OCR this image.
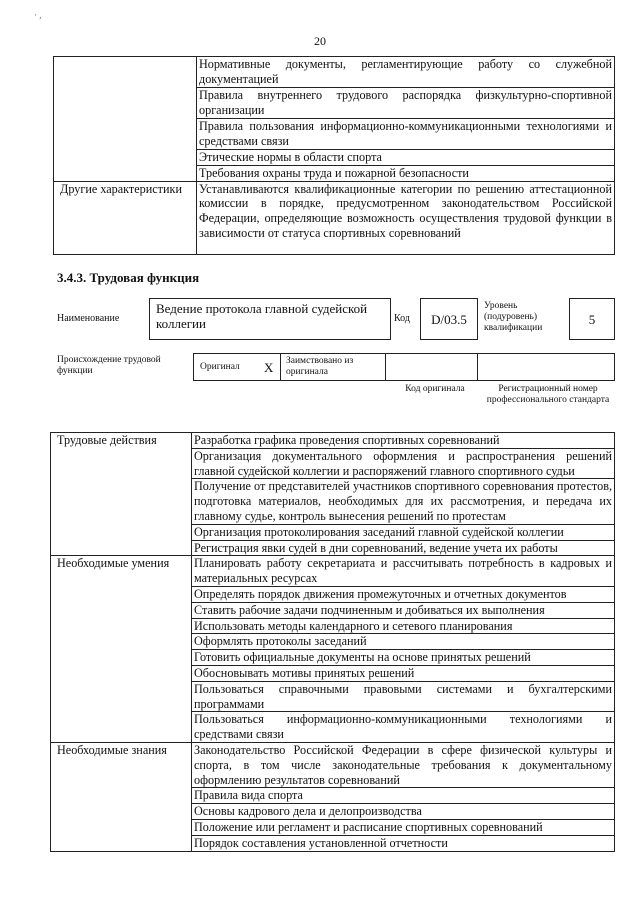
20
· ,
	Нормативные документы, регламентирующие работу со служебной документацией
	Правила внутреннего трудового распорядка физкультурно-спортивной организации
	Правила пользования информационно-коммуникационными технологиями и средствами связи
	Этические нормы в области спорта
	Требования охраны труда и пожарной безопасности
Другие характеристики	Устанавливаются квалификационные категории по решению аттестационной комиссии в порядке, предусмотренном законодательством Российской Федерации, определяющие возможность осуществления трудовой функции в зависимости от статуса спортивных соревнований
3.4.3. Трудовая функция
Наименование
Ведение протокола главной судейской коллегии	Код	D/03.5
Уровень (подуровень) квалификации
5
Происхождение трудовой функции	Оригинал X Заимствовано из оригинала
Код оригинала	Регистрационный номер профессионального стандарта
Трудовые действия	Разработка графика проведения спортивных соревнований
	Организация документального оформления и распространения решений главной судейской коллегии и распоряжений главного спортивного судьи
	Получение от представителей участников спортивного соревнования протестов, подготовка материалов, необходимых для их рассмотрения, и передача их главному судье, контроль вынесения решений по протестам
	Организация протоколирования заседаний главной судейской коллегии
	Регистрация явки судей в дни соревнований, ведение учета их работы
Необходимые умения	Планировать работу секретариата и рассчитывать потребность в кадровых и материальных ресурсах
	Определять порядок движения промежуточных и отчетных документов
	Ставить рабочие задачи подчиненным и добиваться их выполнения
	Использовать методы календарного и сетевого планирования
	Оформлять протоколы заседаний
	Готовить официальные документы на основе принятых решений
	Обосновывать мотивы принятых решений
	Пользоваться справочными правовыми системами и бухгалтерскими программами
	Пользоваться информационно-коммуникационными технологиями и средствами связи
Необходимые знания	Законодательство Российской Федерации в сфере физической культуры и спорта, в том числе законодательные требования к документальному оформлению результатов соревнований
	Правила вида спорта
	Основы кадрового дела и делопроизводства
	Положение или регламент и расписание спортивных соревнований
	Порядок составления установленной отчетности
